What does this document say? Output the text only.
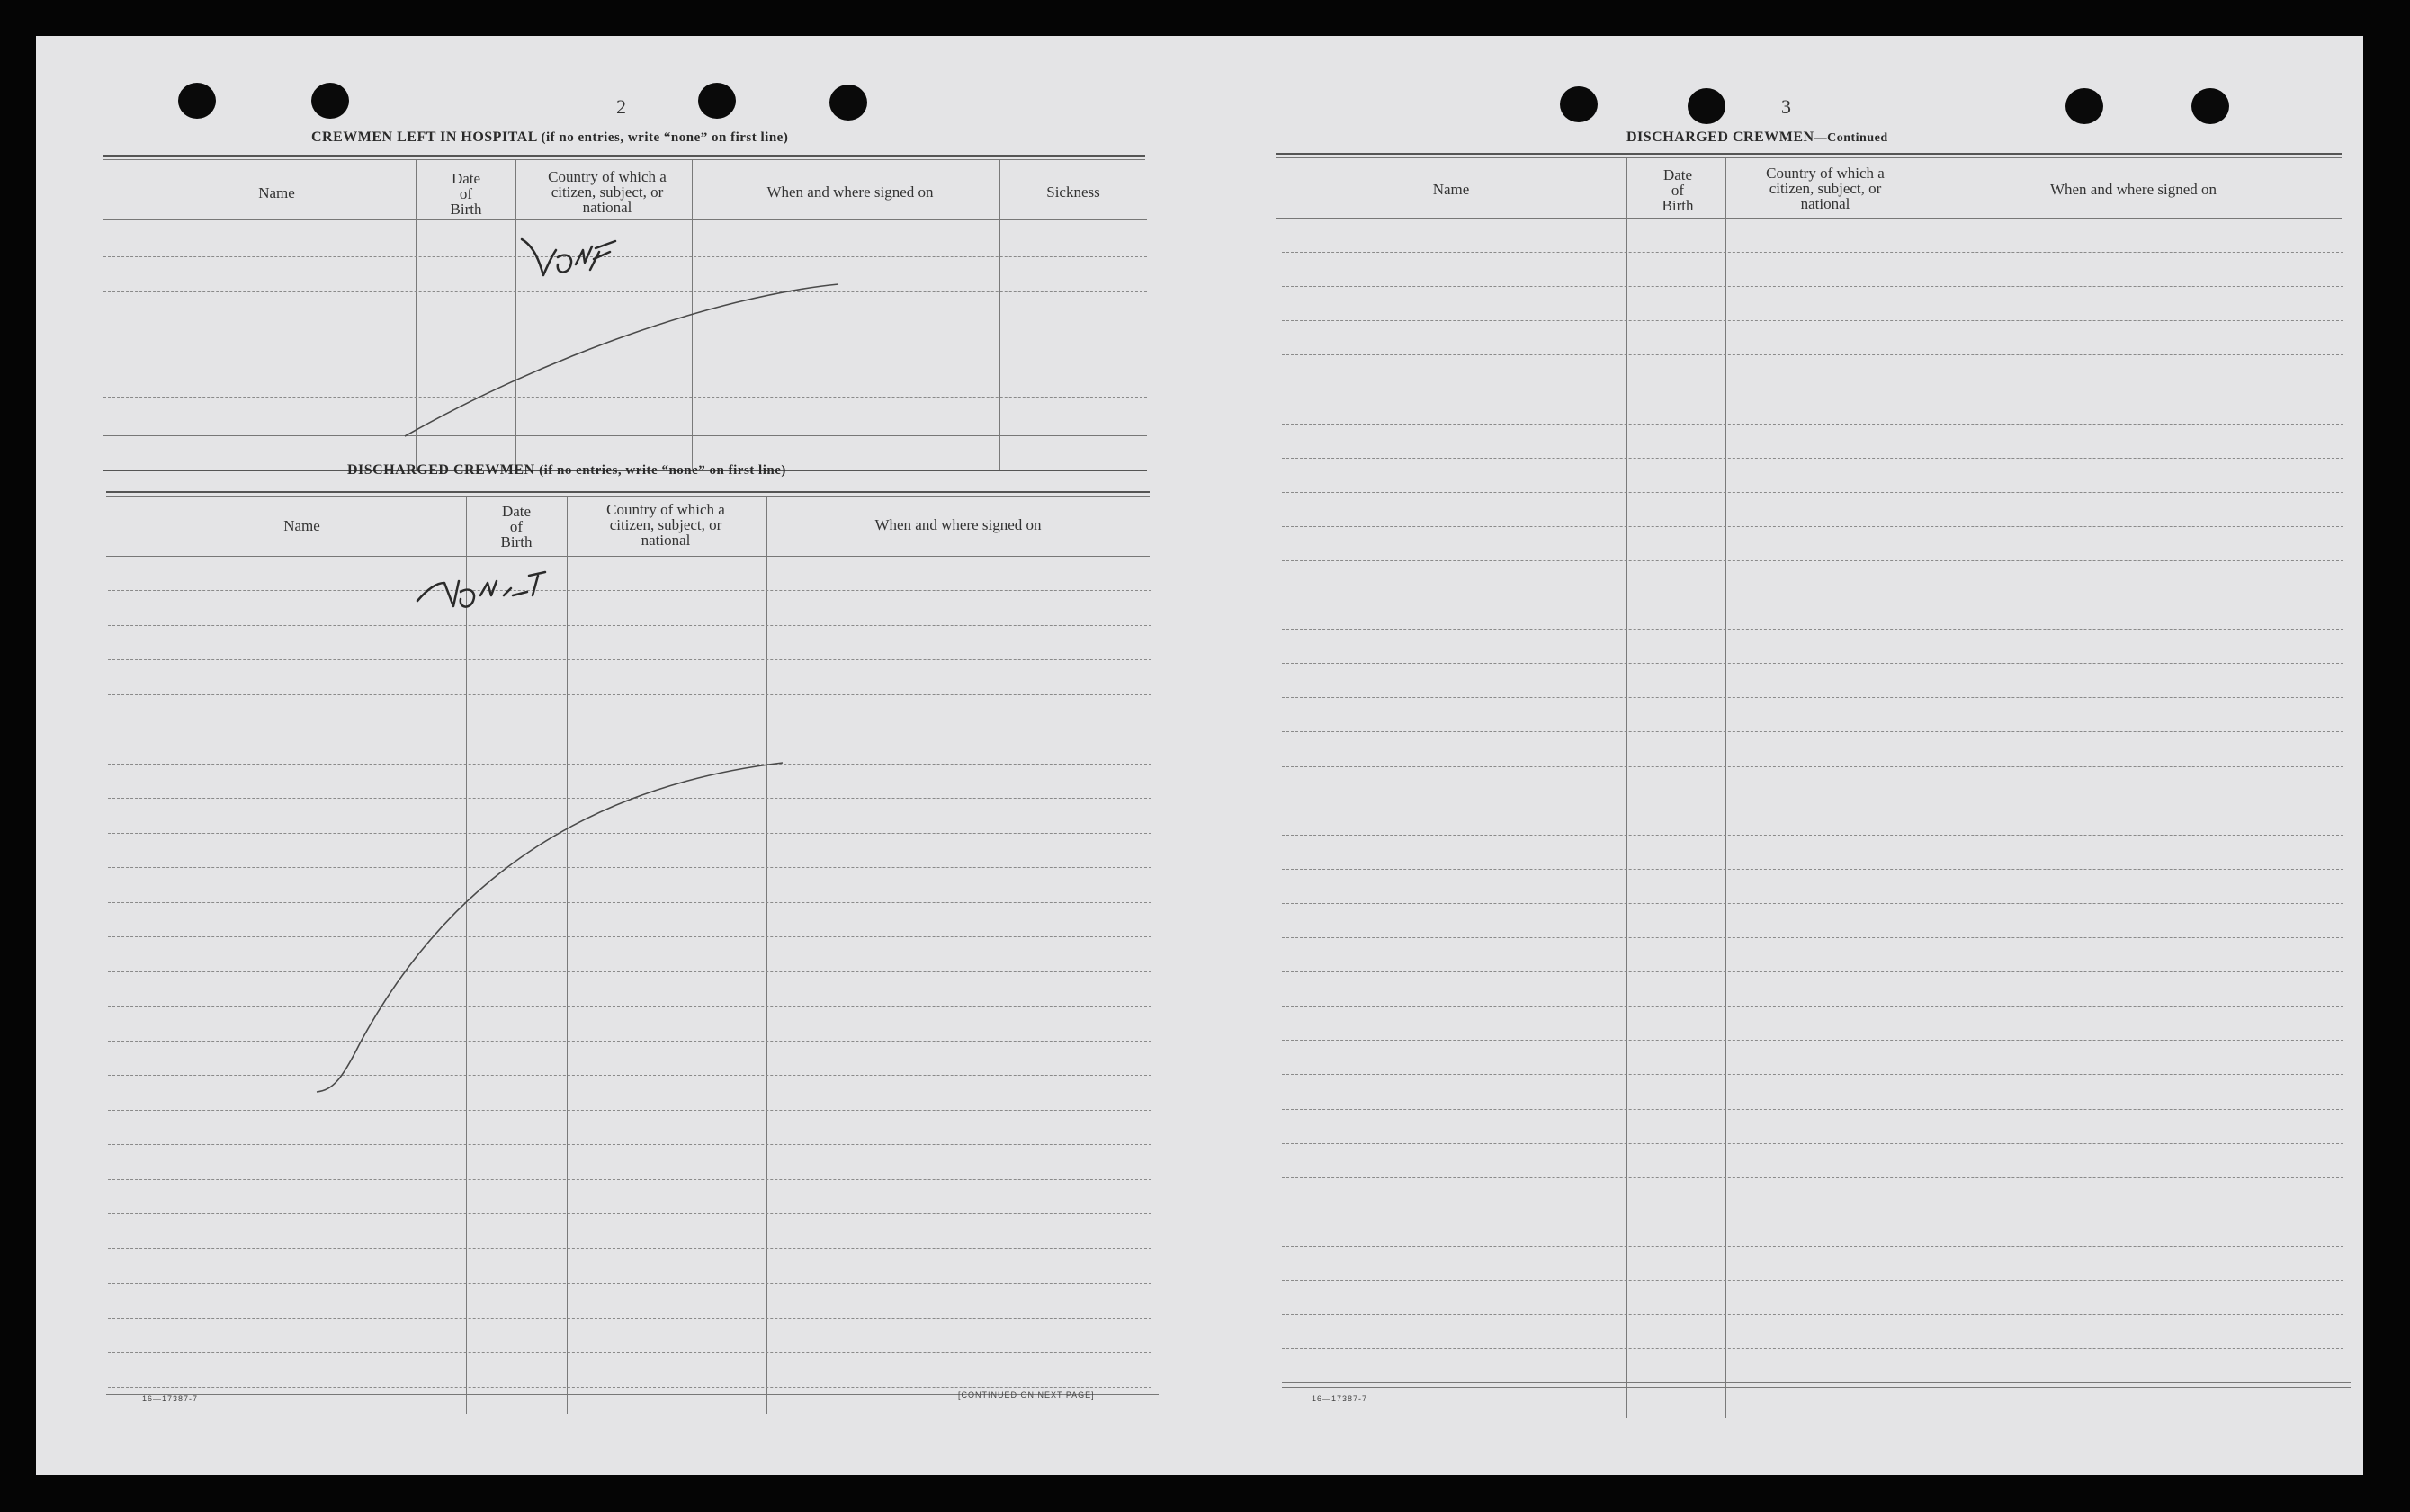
2
CREWMEN LEFT IN HOSPITAL (if no entries, write “none” on first line)
Name
Date
of
Birth
Country of which a
citizen, subject, or
national
When and where signed on	Sickness
DISCHARGED CREWMEN (if no entries, write “none” on first line)
Name
Date
of
Birth
Country of which a
citizen, subject, or
national
When and where signed on
16—17387‑7	[CONTINUED ON NEXT PAGE]
3
DISCHARGED CREWMEN—Continued
Name
Date
of
Birth
Country of which a
citizen, subject, or
national
When and where signed on
16—17387‑7
